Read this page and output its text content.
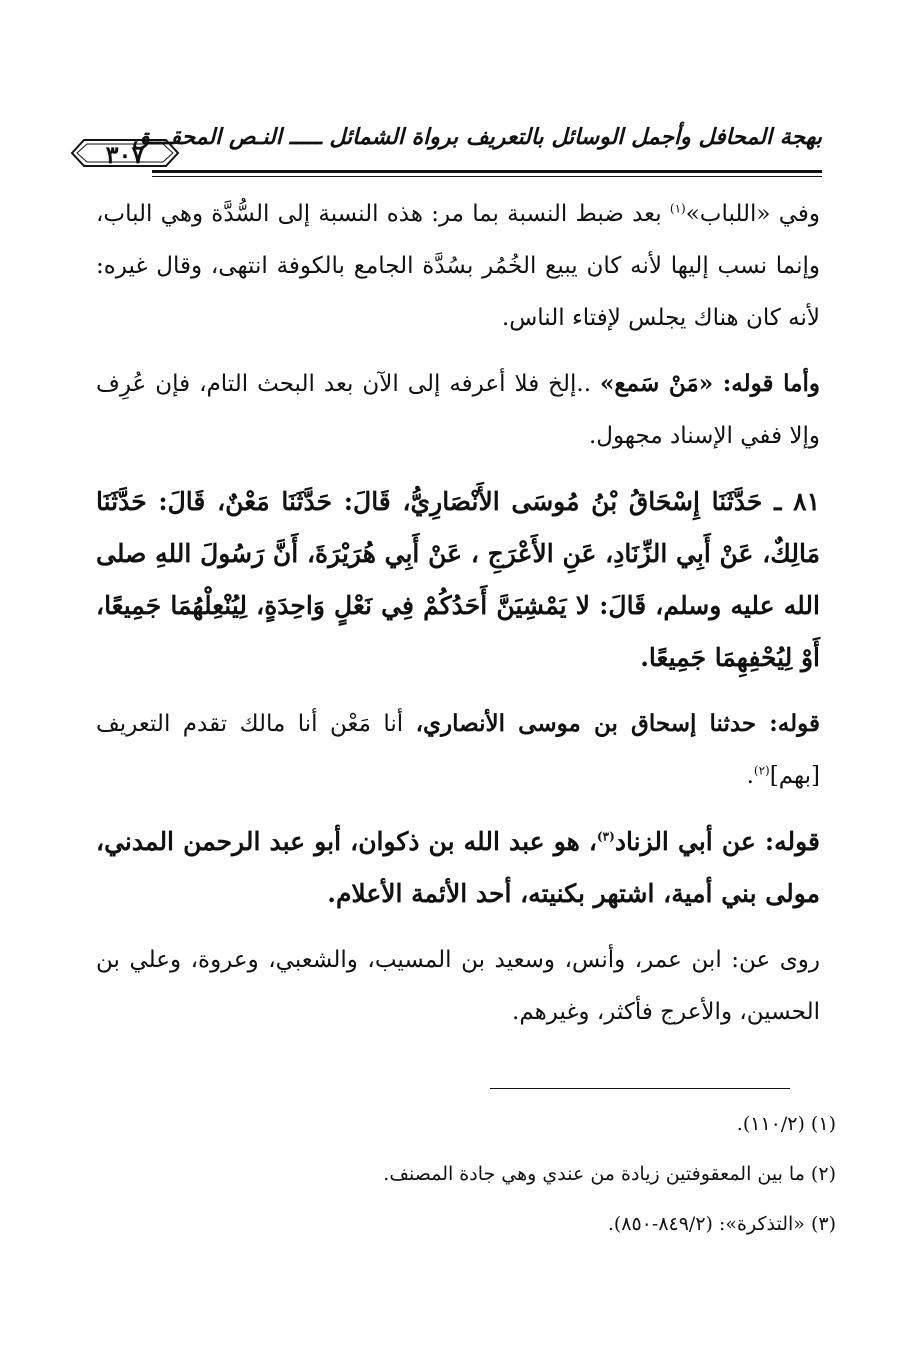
بهجة المحافل وأجمل الوسائل بالتعريف برواة الشمائل ـــــ النـص المحقـــق
٣٠٧

وفي «اللباب»$^{(١)}$ بعد ضبط النسبة بما مر: هذه النسبة إلى السُّدَّة وهي الباب، وإنما نسب إليها لأنه كان يبيع الخُمُر بسُدَّة الجامع بالكوفة انتهى، وقال غيره: لأنه كان هناك يجلس لإفتاء الناس.

وأما قوله: «مَنْ سَمع» ..إلخ فلا أعرفه إلى الآن بعد البحث التام، فإن عُرِف وإلا ففي الإسناد مجهول.

٨١ ـ حَدَّثَنَا إِسْحَاقُ بْنُ مُوسَى الأَنْصَارِيُّ، قَالَ: حَدَّثَنَا مَعْنٌ، قَالَ: حَدَّثَنَا مَالِكٌ، عَنْ أَبِي الزِّنَادِ، عَنِ الأَعْرَجِ ، عَنْ أَبِي هُرَيْرَةَ، أَنَّ رَسُولَ اللهِ صلى الله عليه وسلم، قَالَ: لا يَمْشِيَنَّ أَحَدُكُمْ فِي نَعْلٍ وَاحِدَةٍ، لِيُنْعِلْهُمَا جَمِيعًا، أَوْ لِيُحْفِهِمَا جَمِيعًا.

قوله: حدثنا إسحاق بن موسى الأنصاري، أنا مَعْن أنا مالك تقدم التعريف [بهم]$^{(٢)}$.

قوله: عن أبي الزناد$^{(٣)}$، هو عبد الله بن ذكوان، أبو عبد الرحمن المدني، مولى بني أمية، اشتهر بكنيته، أحد الأئمة الأعلام.

روى عن: ابن عمر، وأنس، وسعيد بن المسيب، والشعبي، وعروة، وعلي بن الحسين، والأعرج فأكثر، وغيرهم.

(١) (١١٠/٢).
(٢) ما بين المعقوفتين زيادة من عندي وهي جادة المصنف.
(٣) «التذكرة»: (٨٤٩/٢-٨٥٠).
